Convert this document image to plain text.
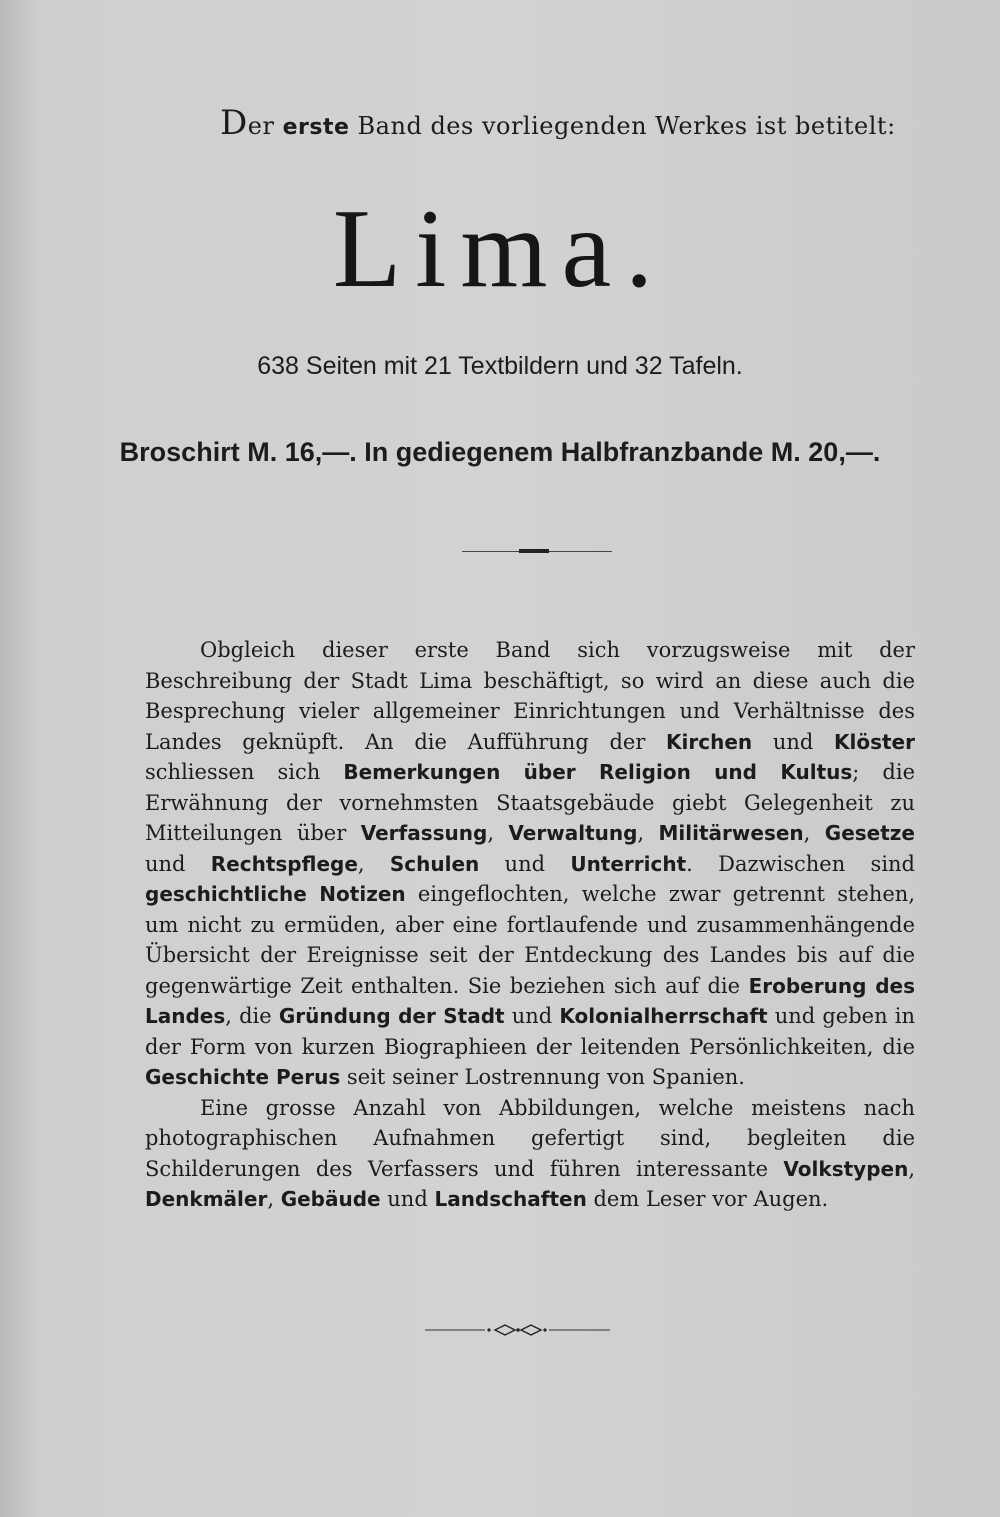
Der erste Band des vorliegenden Werkes ist betitelt:
Lima.
638 Seiten mit 21 Textbildern und 32 Tafeln.
Broschirt M. 16,—. In gediegenem Halbfranzbande M. 20,—.

Obgleich dieser erste Band sich vorzugsweise mit der Beschreibung der Stadt Lima beschäftigt, so wird an diese auch die Besprechung vieler allgemeiner Einrichtungen und Verhältnisse des Landes geknüpft. An die Aufführung der Kirchen und Klöster schliessen sich Bemerkungen über Religion und Kultus; die Erwähnung der vornehmsten Staatsgebäude giebt Gelegenheit zu Mitteilungen über Verfassung, Verwaltung, Militärwesen, Gesetze und Rechtspflege, Schulen und Unterricht. Dazwischen sind geschichtliche Notizen eingeflochten, welche zwar getrennt stehen, um nicht zu ermüden, aber eine fortlaufende und zusammenhängende Übersicht der Ereignisse seit der Entdeckung des Landes bis auf die gegenwärtige Zeit enthalten. Sie beziehen sich auf die Eroberung des Landes, die Gründung der Stadt und Kolonialherrschaft und geben in der Form von kurzen Biographieen der leitenden Persönlichkeiten, die Geschichte Perus seit seiner Lostrennung von Spanien.

Eine grosse Anzahl von Abbildungen, welche meistens nach photographischen Aufnahmen gefertigt sind, begleiten die Schilderungen des Verfassers und führen interessante Volkstypen, Denkmäler, Gebäude und Landschaften dem Leser vor Augen.
